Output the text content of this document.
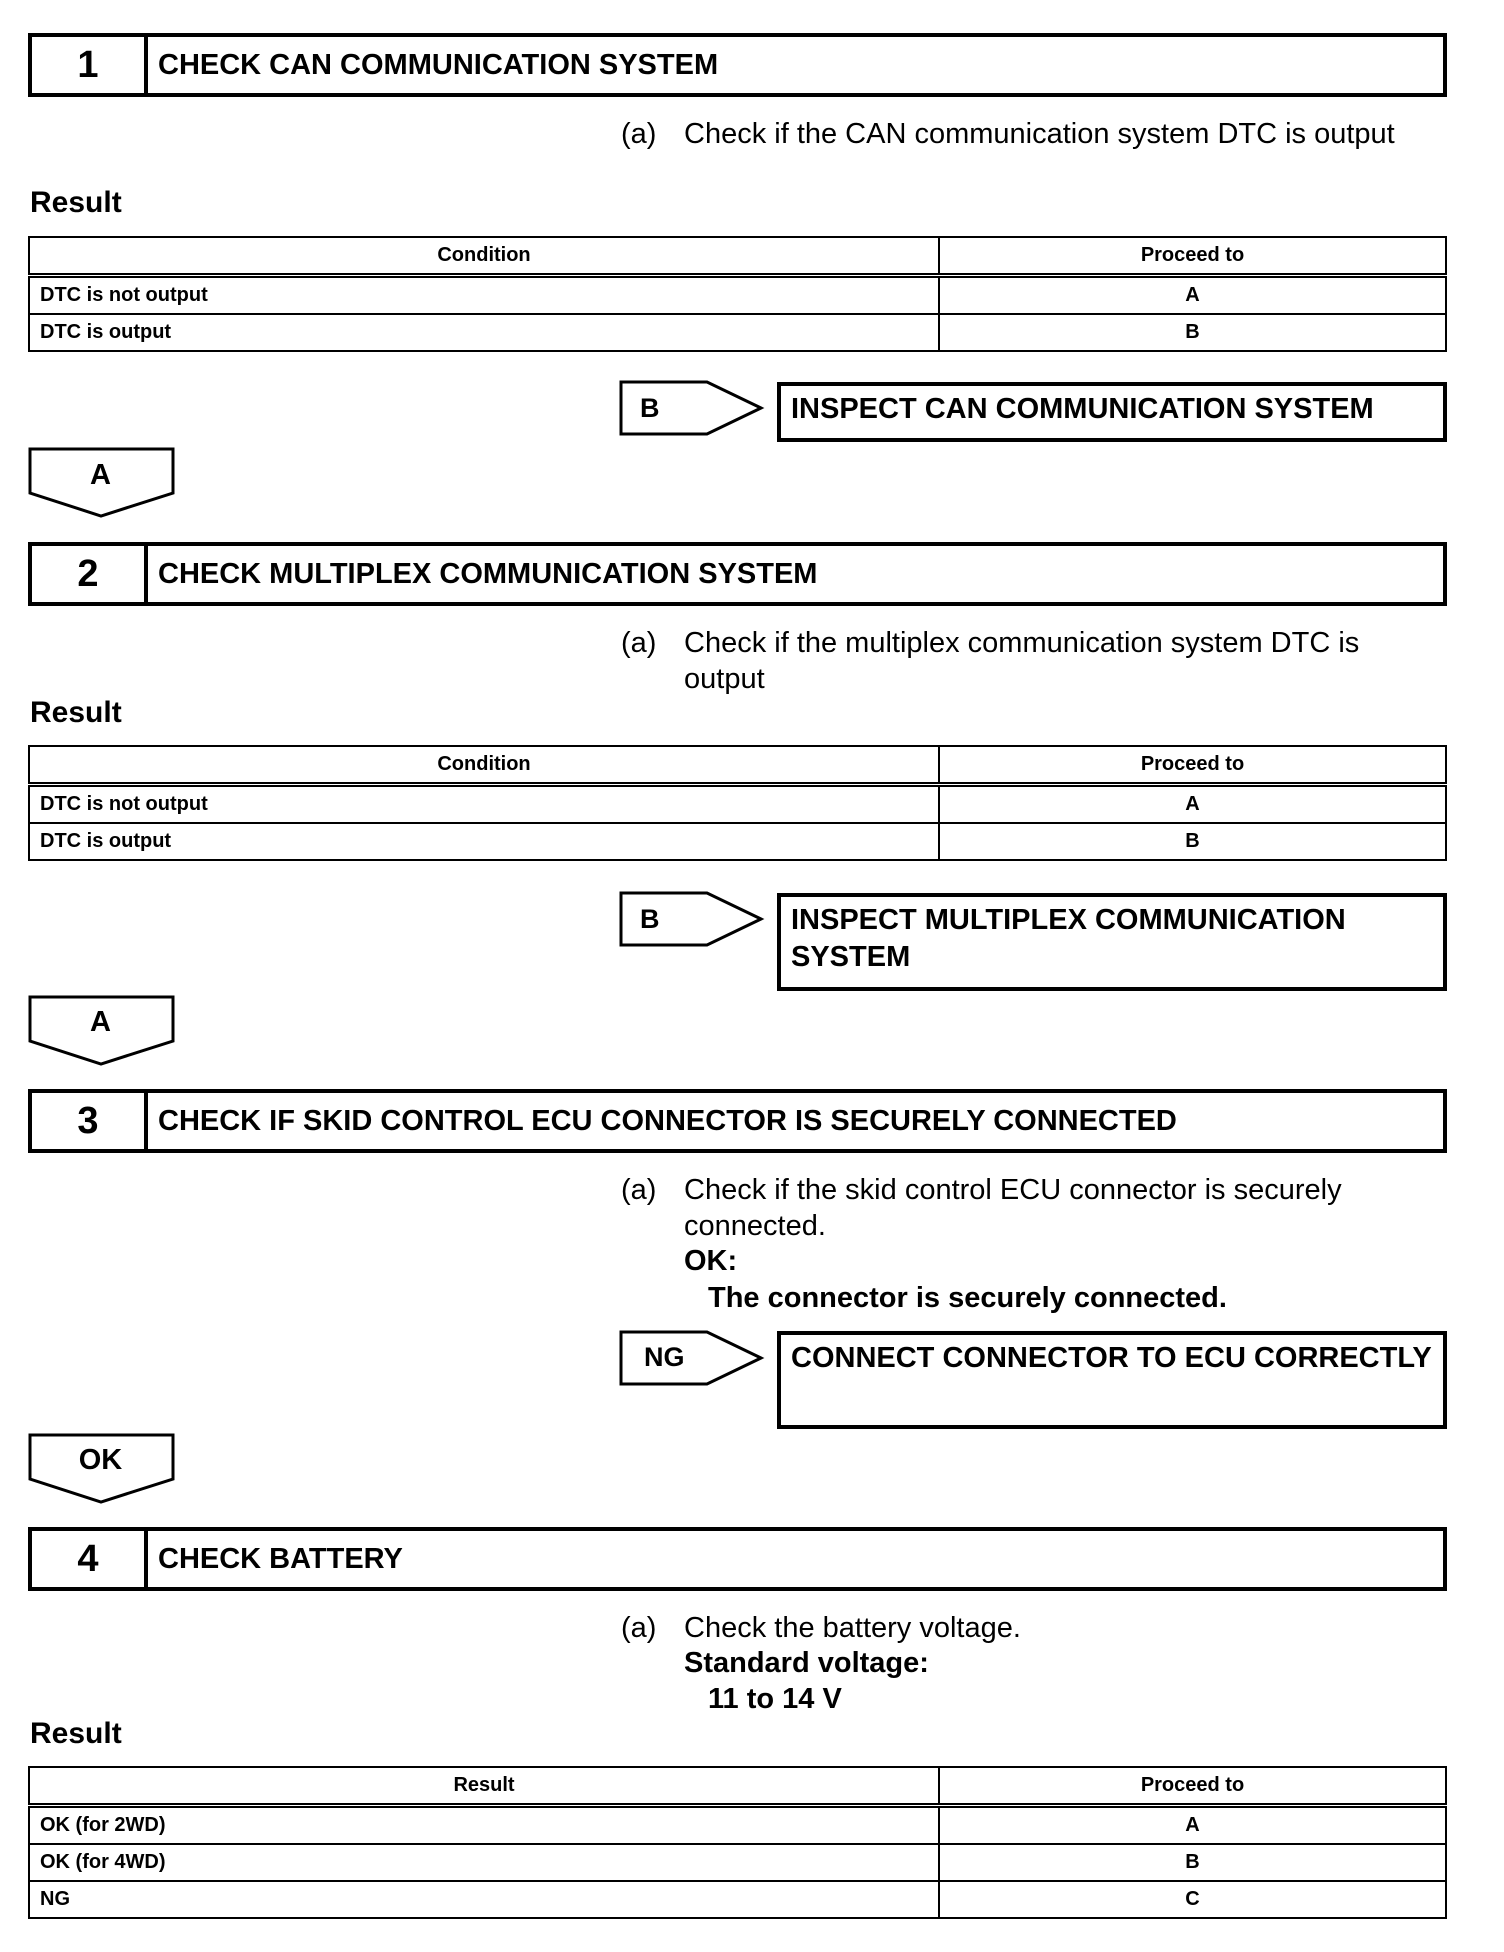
1	CHECK CAN COMMUNICATION SYSTEM
(a) Check if the CAN communication system DTC is output
Result
Condition	Proceed to
DTC is not output	A
DTC is output	B
B	INSPECT CAN COMMUNICATION SYSTEM
A
2	CHECK MULTIPLEX COMMUNICATION SYSTEM
(a) Check if the multiplex communication system DTC is output
Result
Condition	Proceed to
DTC is not output	A
DTC is output	B
B	INSPECT MULTIPLEX COMMUNICATION SYSTEM
A
3	CHECK IF SKID CONTROL ECU CONNECTOR IS SECURELY CONNECTED
(a) Check if the skid control ECU connector is securely connected.
OK:
The connector is securely connected.
NG	CONNECT CONNECTOR TO ECU CORRECTLY
OK
4	CHECK BATTERY
(a) Check the battery voltage.
Standard voltage:
11 to 14 V
Result
Result	Proceed to
OK (for 2WD)	A
OK (for 4WD)	B
NG	C
